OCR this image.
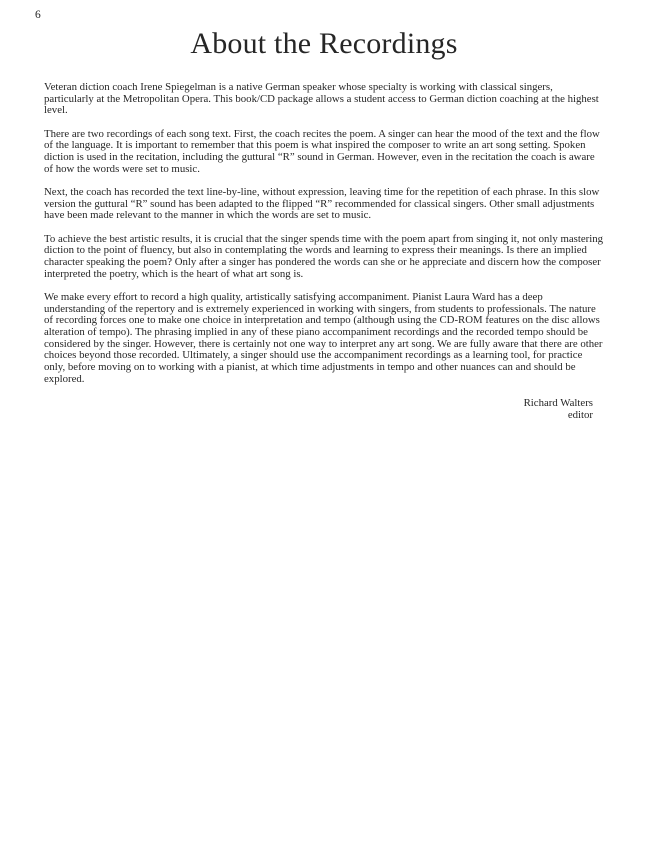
6
About the Recordings

Veteran diction coach Irene Spiegelman is a native German speaker whose specialty is working with classical singers, particularly at the Metropolitan Opera. This book/CD package allows a student access to German diction coaching at the highest level.

There are two recordings of each song text. First, the coach recites the poem. A singer can hear the mood of the text and the flow of the language. It is important to remember that this poem is what inspired the composer to write an art song setting. Spoken diction is used in the recitation, including the guttural “R” sound in German. However, even in the recitation the coach is aware of how the words were set to music.

Next, the coach has recorded the text line-by-line, without expression, leaving time for the repetition of each phrase. In this slow version the guttural “R” sound has been adapted to the flipped “R” recommended for classical singers. Other small adjustments have been made relevant to the manner in which the words are set to music.

To achieve the best artistic results, it is crucial that the singer spends time with the poem apart from singing it, not only mastering diction to the point of fluency, but also in contemplating the words and learning to express their meanings. Is there an implied character speaking the poem? Only after a singer has pondered the words can she or he appreciate and discern how the composer interpreted the poetry, which is the heart of what art song is.

We make every effort to record a high quality, artistically satisfying accompaniment. Pianist Laura Ward has a deep understanding of the repertory and is extremely experienced in working with singers, from students to professionals. The nature of recording forces one to make one choice in interpretation and tempo (although using the CD-ROM features on the disc allows alteration of tempo). The phrasing implied in any of these piano accompaniment recordings and the recorded tempo should be considered by the singer. However, there is certainly not one way to interpret any art song. We are fully aware that there are other choices beyond those recorded. Ultimately, a singer should use the accompaniment recordings as a learning tool, for practice only, before moving on to working with a pianist, at which time adjustments in tempo and other nuances can and should be explored.

Richard Walters
editor
